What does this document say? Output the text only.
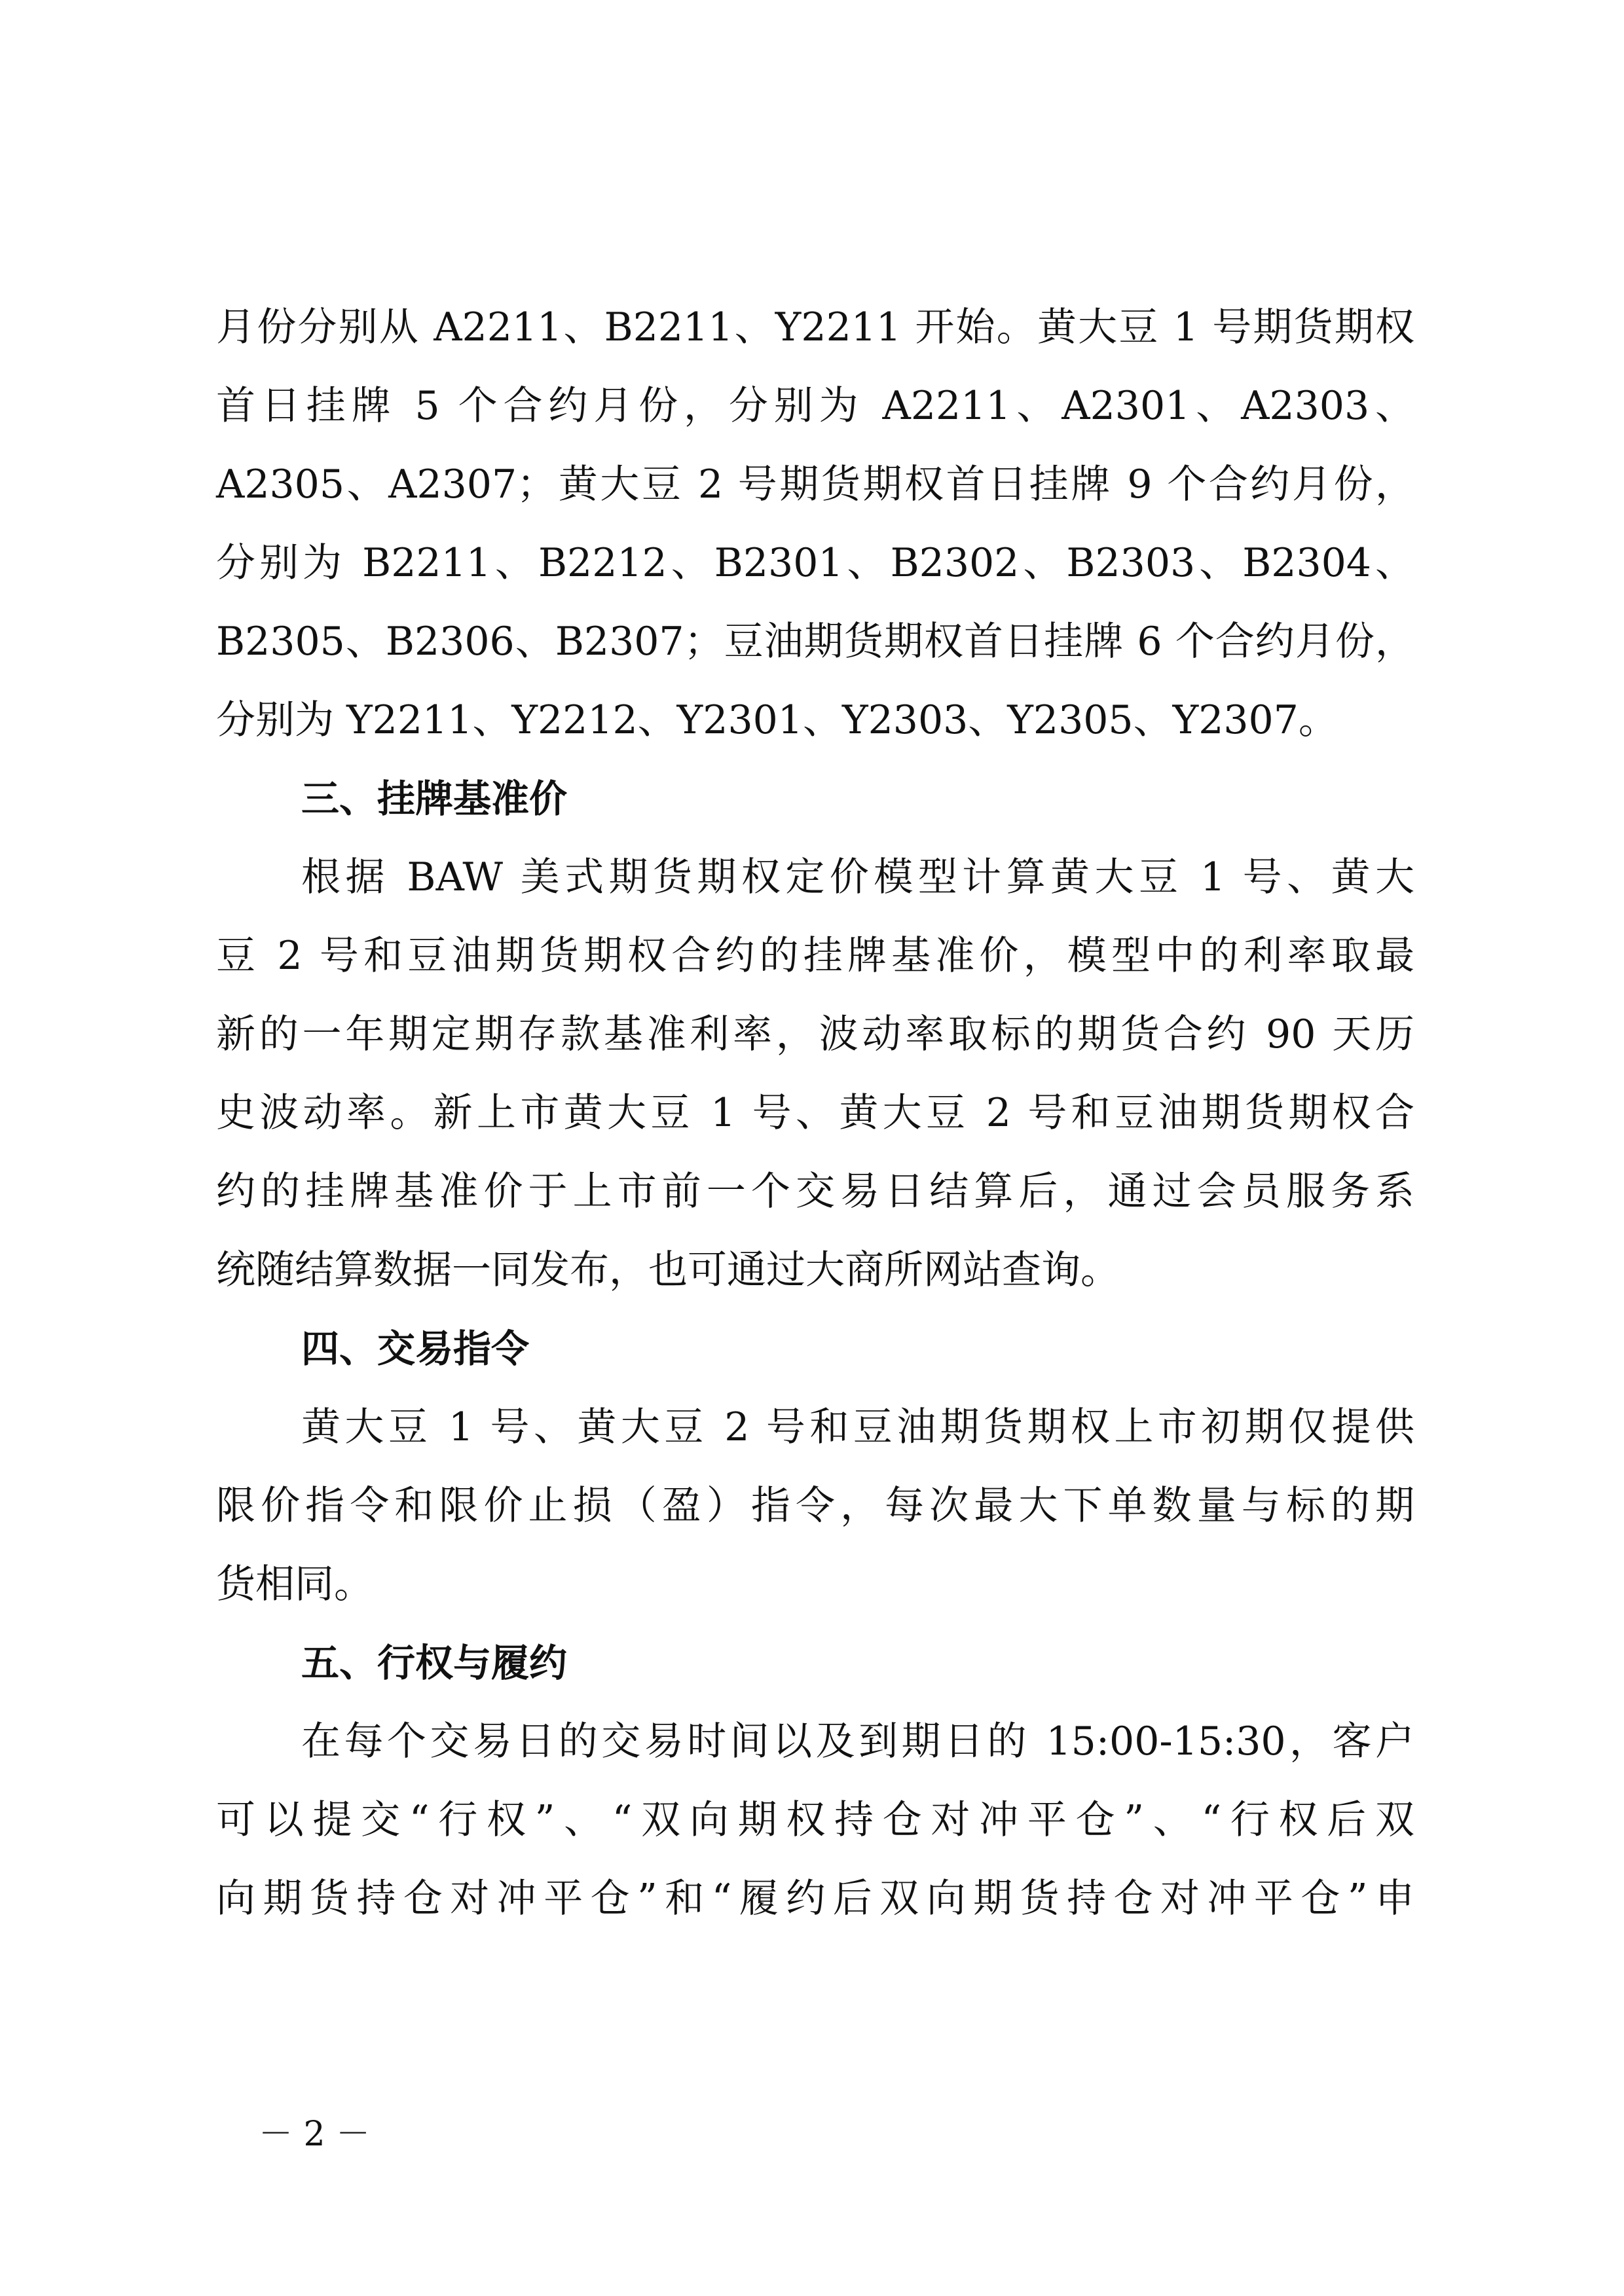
月份分别从 A2211、B2211、Y2211 开始。黄大豆 1 号期货期权
首日挂牌 5 个合约月份，分别为 A2211、A2301、A2303、
A2305、A2307；黄大豆 2 号期货期权首日挂牌 9 个合约月份，
分别为 B2211、B2212、B2301、B2302、B2303、B2304、
B2305、B2306、B2307；豆油期货期权首日挂牌 6 个合约月份，
分别为 Y2211、Y2212、Y2301、Y2303、Y2305、Y2307。
三、挂牌基准价
根据 BAW 美式期货期权定价模型计算黄大豆 1 号、黄大
豆 2 号和豆油期货期权合约的挂牌基准价，模型中的利率取最
新的一年期定期存款基准利率，波动率取标的期货合约 90 天历
史波动率。新上市黄大豆 1 号、黄大豆 2 号和豆油期货期权合
约的挂牌基准价于上市前一个交易日结算后，通过会员服务系
统随结算数据一同发布，也可通过大商所网站查询。
四、交易指令
黄大豆 1 号、黄大豆 2 号和豆油期货期权上市初期仅提供
限价指令和限价止损（盈）指令，每次最大下单数量与标的期
货相同。
五、行权与履约
在每个交易日的交易时间以及到期日的 15:00-15:30，客户
可以提交“行权”、“双向期权持仓对冲平仓”、“行权后双
向期货持仓对冲平仓”和“履约后双向期货持仓对冲平仓”申
－ 2 －
